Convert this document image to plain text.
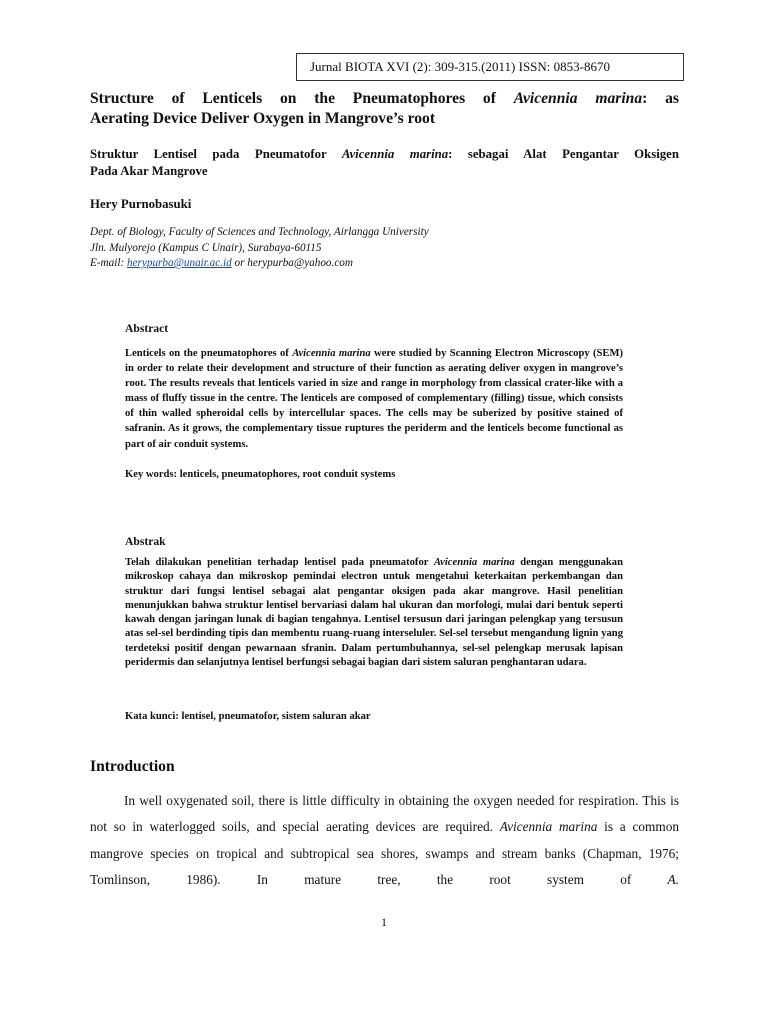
Jurnal BIOTA XVI (2): 309-315.(2011) ISSN: 0853-8670
Structure of Lenticels on the Pneumatophores of Avicennia marina: as
Aerating Device Deliver Oxygen in Mangrove’s root
Struktur Lentisel pada Pneumatofor Avicennia marina: sebagai Alat Pengantar Oksigen
Pada Akar Mangrove
Hery Purnobasuki
Dept. of Biology, Faculty of Sciences and Technology, Airlangga University
Jln. Mulyorejo (Kampus C Unair), Surabaya-60115
E-mail: herypurba@unair.ac.id or herypurba@yahoo.com
Abstract
Lenticels on the pneumatophores of Avicennia marina were studied by Scanning Electron Microscopy (SEM) in order to relate their development and structure of their function as aerating deliver oxygen in mangrove’s root. The results reveals that lenticels varied in size and range in morphology from classical crater-like with a mass of fluffy tissue in the centre. The lenticels are composed of complementary (filling) tissue, which consists of thin walled spheroidal cells by intercellular spaces. The cells may be suberized by positive stained of safranin. As it grows, the complementary tissue ruptures the periderm and the lenticels become functional as part of air conduit systems.
Key words: lenticels, pneumatophores, root conduit systems
Abstrak
Telah dilakukan penelitian terhadap lentisel pada pneumatofor Avicennia marina dengan menggunakan mikroskop cahaya dan mikroskop pemindai electron untuk mengetahui keterkaitan perkembangan dan struktur dari fungsi lentisel sebagai alat pengantar oksigen pada akar mangrove. Hasil penelitian menunjukkan bahwa struktur lentisel bervariasi dalam hal ukuran dan morfologi, mulai dari bentuk seperti kawah dengan jaringan lunak di bagian tengahnya. Lentisel tersusun dari jaringan pelengkap yang tersusun atas sel-sel berdinding tipis dan membentu ruang-ruang interseluler. Sel-sel tersebut mengandung lignin yang terdeteksi positif dengan pewarnaan sfranin. Dalam pertumbuhannya, sel-sel pelengkap merusak lapisan peridermis dan selanjutnya lentisel berfungsi sebagai bagian dari sistem saluran penghantaran udara.
Kata kunci: lentisel, pneumatofor, sistem saluran akar
Introduction
In well oxygenated soil, there is little difficulty in obtaining the oxygen needed for respiration. This is not so in waterlogged soils, and special aerating devices are required. Avicennia marina is a common mangrove species on tropical and subtropical sea shores, swamps and stream banks (Chapman, 1976; Tomlinson, 1986). In mature tree, the root system of A.
1
